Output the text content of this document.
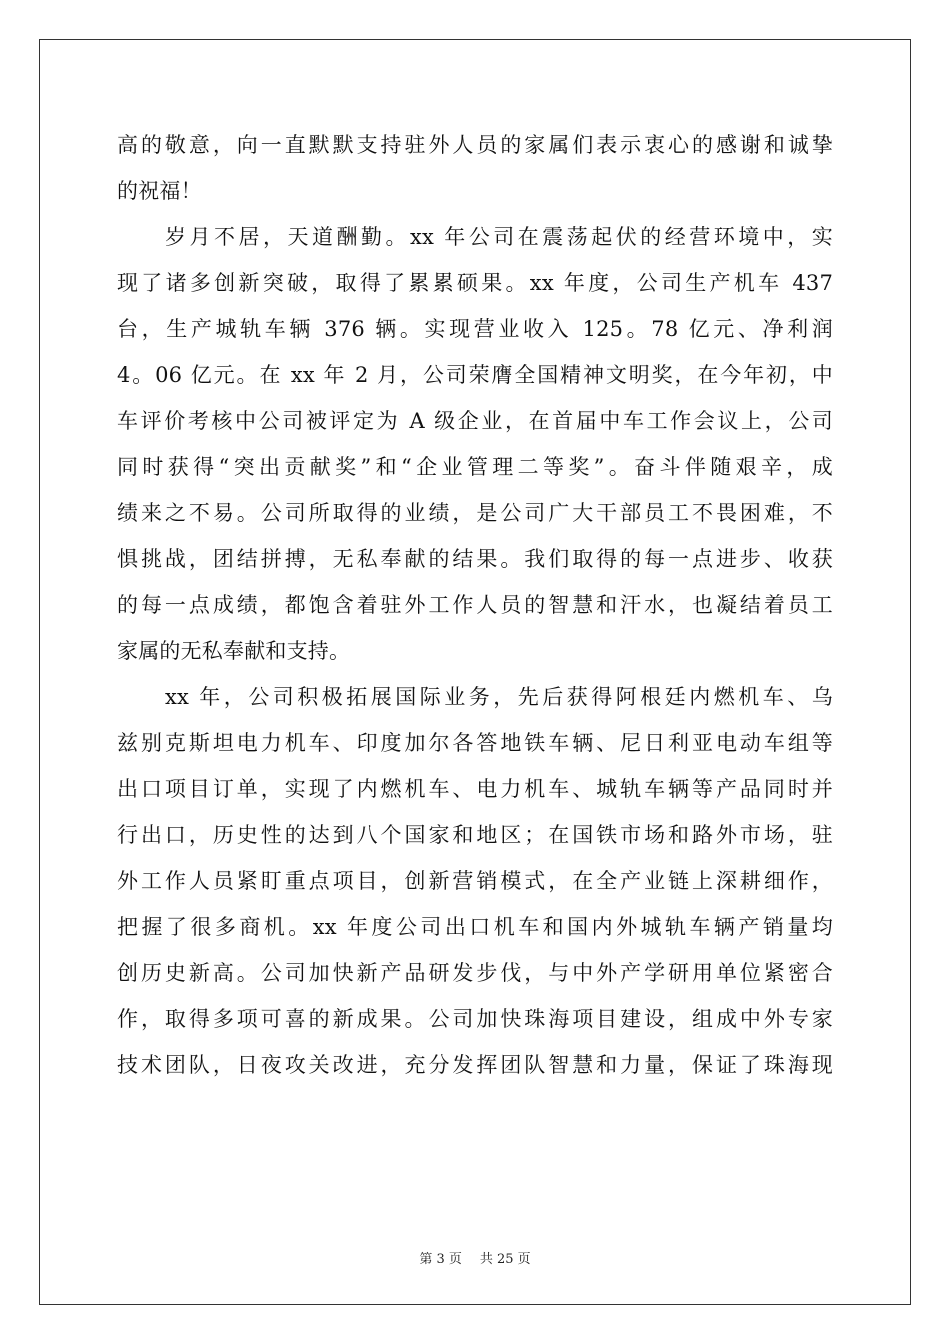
高的敬意，向一直默默支持驻外人员的家属们表示衷心的感谢和诚挚
的祝福！
岁月不居，天道酬勤。xx 年公司在震荡起伏的经营环境中，实
现了诸多创新突破，取得了累累硕果。xx 年度，公司生产机车 437
台，生产城轨车辆 376 辆。实现营业收入 125。78 亿元、净利润
4。06 亿元。在 xx 年 2 月，公司荣膺全国精神文明奖，在今年初，中
车评价考核中公司被评定为 A 级企业，在首届中车工作会议上，公司
同时获得“突出贡献奖”和“企业管理二等奖”。奋斗伴随艰辛，成
绩来之不易。公司所取得的业绩，是公司广大干部员工不畏困难，不
惧挑战，团结拼搏，无私奉献的结果。我们取得的每一点进步、收获
的每一点成绩，都饱含着驻外工作人员的智慧和汗水，也凝结着员工
家属的无私奉献和支持。
xx 年，公司积极拓展国际业务，先后获得阿根廷内燃机车、乌
兹别克斯坦电力机车、印度加尔各答地铁车辆、尼日利亚电动车组等
出口项目订单，实现了内燃机车、电力机车、城轨车辆等产品同时并
行出口，历史性的达到八个国家和地区；在国铁市场和路外市场，驻
外工作人员紧盯重点项目，创新营销模式，在全产业链上深耕细作，
把握了很多商机。xx 年度公司出口机车和国内外城轨车辆产销量均
创历史新高。公司加快新产品研发步伐，与中外产学研用单位紧密合
作，取得多项可喜的新成果。公司加快珠海项目建设，组成中外专家
技术团队，日夜攻关改进，充分发挥团队智慧和力量，保证了珠海现
第 3 页 共 25 页
